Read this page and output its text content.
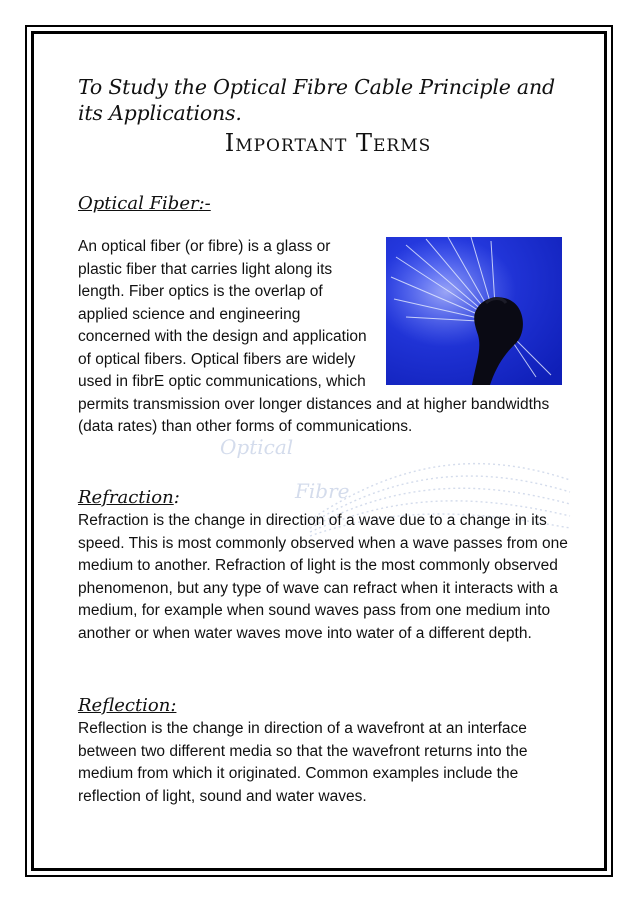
Optical
Fibre
To Study the Optical Fibre Cable Principle and its Applications.
Important Terms
Optical Fiber:-

An optical fiber (or fibre) is a glass or plastic fiber that carries light along its length. Fiber optics is the overlap of applied science and engineering concerned with the design and application of optical fibers. Optical fibers are widely used in fibrE optic communications, which permits transmission over longer distances and at higher bandwidths (data rates) than other forms of communications.

Refraction:

Refraction is the change in direction of a wave due to a change in its speed. This is most commonly observed when a wave passes from one medium to another. Refraction of light is the most commonly observed phenomenon, but any type of wave can refract when it interacts with a medium, for example when sound waves pass from one medium into another or when water waves move into water of a different depth.

Reflection:

Reflection is the change in direction of a wavefront at an interface between two different media so that the wavefront returns into the medium from which it originated. Common examples include the reflection of light, sound and water waves.
